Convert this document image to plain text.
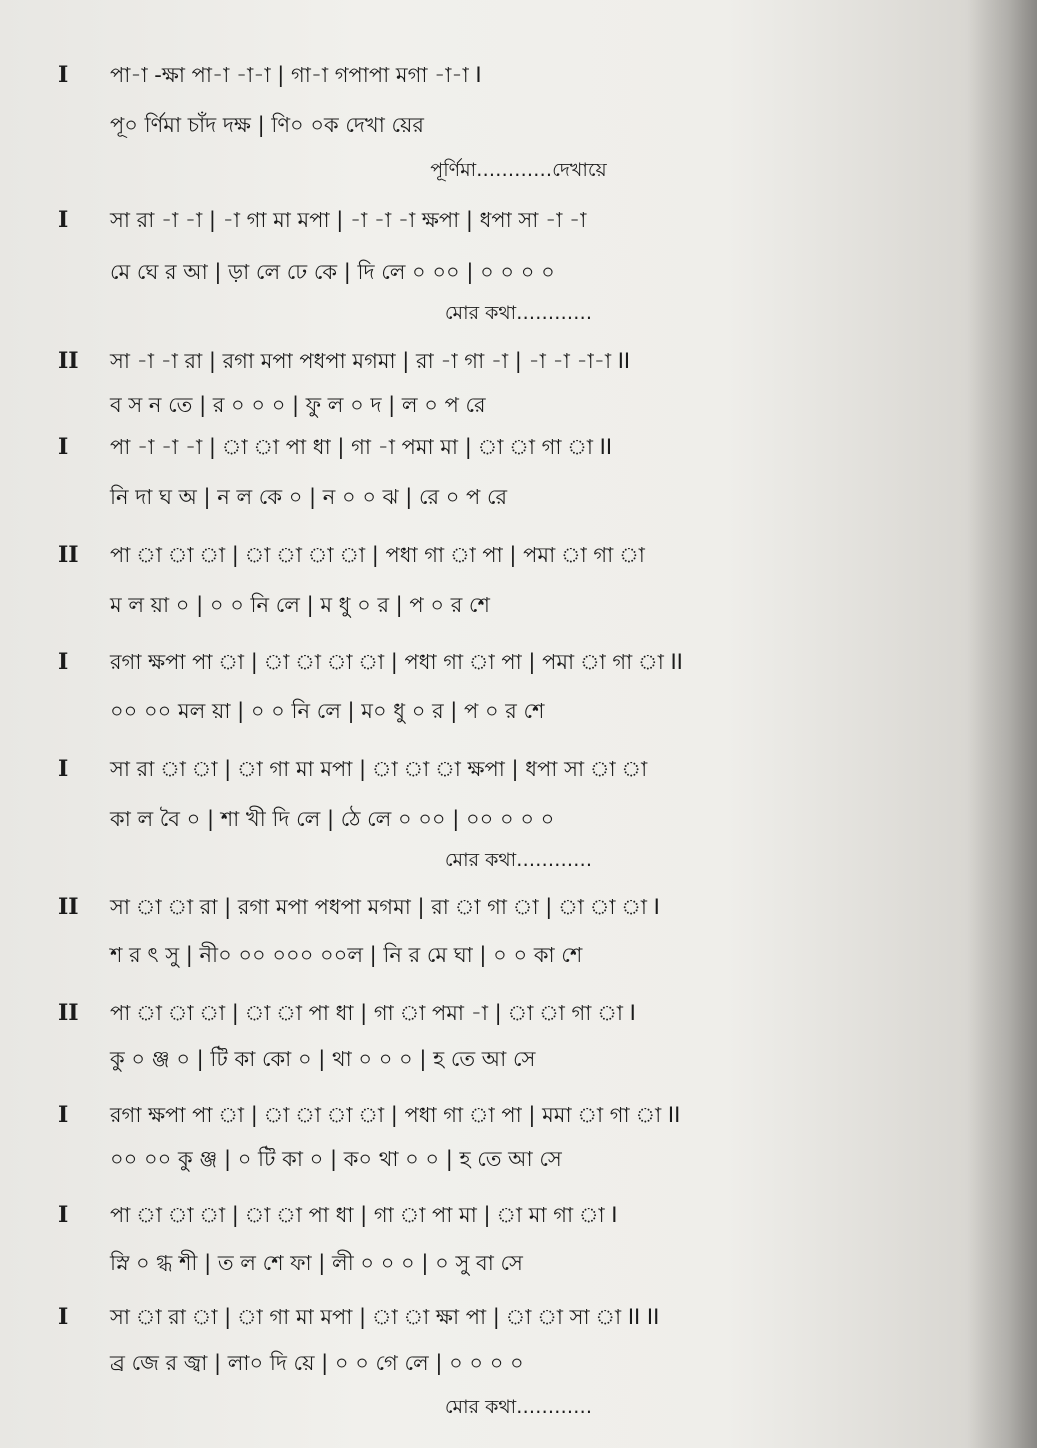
I পা-া -ক্ষা পা-া -া-া | গা-া গপাপা মগা -া-া I
পূ০ র্ণিমা চাঁদ দক্ষ | ণি০ ০ক দেখা য়ের
পূর্ণিমা…………দেখায়ে
I সা রা -া -া | -া গা মা মপা | -া -া -া ক্ষপা | ধপা সা -া -া
মে ঘে র আ | ড়া লে ঢে কে | দি লে ০ ০০ | ০ ০ ০ ০
মোর কথা…………
II সা -া -া রা | রগা মপা পধপা মগমা | রা -া গা -া | -া -া -া-া II
ব স ন তে | র ০ ০ ০ | ফু ল ০ দ | ল ০ প রে
I পা -া -া -া | া া পা ধা | গা -া পমা মা | া া গা া II
নি দা ঘ অ | ন ল কে ০ | ন ০ ০ ঝ | রে ০ প রে
II পা া া া | া া া া | পধা গা া পা | পমা া গা া
ম ল য়া ০ | ০ ০ নি লে | ম ধু ০ র | প ০ র শে
I রগা ক্ষপা পা া | া া া া | পধা গা া পা | পমা া গা া II
০০ ০০ মল য়া | ০ ০ নি লে | ম০ ধু ০ র | প ০ র শে
I সা রা া া | া গা মা মপা | া া া ক্ষপা | ধপা সা া া
কা ল বৈ ০ | শা খী দি লে | ঠে লে ০ ০০ | ০০ ০ ০ ০
মোর কথা…………
II সা া া রা | রগা মপা পধপা মগমা | রা া গা া | া া া I
শ র ৎ সু | নী০ ০০ ০০০ ০০ল | নি র মে ঘা | ০ ০ কা শে
II পা া া া | া া পা ধা | গা া পমা -া | া া গা া I
কু ০ ঞ্জ ০ | টি কা কো ০ | থা ০ ০ ০ | হ তে আ সে
I রগা ক্ষপা পা া | া া া া | পধা গা া পা | মমা া গা া II
০০ ০০ কু ঞ্জ | ০ টি কা ০ | ক০ থা ০ ০ | হ তে আ সে
I পা া া া | া া পা ধা | গা া পা মা | া মা গা া I
স্নি ০ গ্ধ শী | ত ল শে ফা | লী ০ ০ ০ | ০ সু বা সে
I সা া রা া | া গা মা মপা | া া ক্ষা পা | া া সা া II II
ব্র জে র জ্বা | লা০ দি য়ে | ০ ০ গে লে | ০ ০ ০ ০
মোর কথা…………
